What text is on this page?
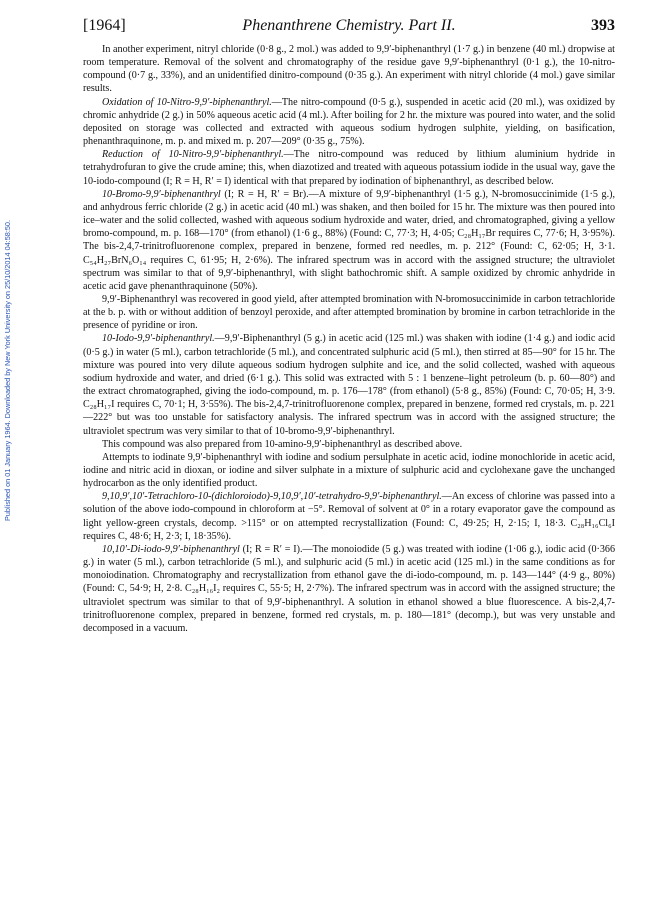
Published on 01 January 1964. Downloaded by New York University on 25/10/2014 04:58:50.
[1964]	Phenanthrene Chemistry. Part II.	393

In another experiment, nitryl chloride (0·8 g., 2 mol.) was added to 9,9′-biphenanthryl (1·7 g.) in benzene (40 ml.) dropwise at room temperature. Removal of the solvent and chromatography of the residue gave 9,9′-biphenanthryl (0·1 g.), the 10-nitro-compound (0·7 g., 33%), and an unidentified dinitro-compound (0·35 g.). An experiment with nitryl chloride (4 mol.) gave similar results.

Oxidation of 10-Nitro-9,9′-biphenanthryl.—The nitro-compound (0·5 g.), suspended in acetic acid (20 ml.), was oxidized by chromic anhydride (2 g.) in 50% aqueous acetic acid (4 ml.). After boiling for 2 hr. the mixture was poured into water, and the solid deposited on storage was collected and extracted with aqueous sodium hydrogen sulphite, yielding, on basification, phenanthraquinone, m. p. and mixed m. p. 207—209° (0·35 g., 75%).

Reduction of 10-Nitro-9,9′-biphenanthryl.—The nitro-compound was reduced by lithium aluminium hydride in tetrahydrofuran to give the crude amine; this, when diazotized and treated with aqueous potassium iodide in the usual way, gave the 10-iodo-compound (I; R = H, R′ = I) identical with that prepared by iodination of biphenanthryl, as described below.

10-Bromo-9,9′-biphenanthryl (I; R = H, R′ = Br).—A mixture of 9,9′-biphenanthryl (1·5 g.), N-bromosuccinimide (1·5 g.), and anhydrous ferric chloride (2 g.) in acetic acid (40 ml.) was shaken, and then boiled for 15 hr. The mixture was then poured into ice–water and the solid collected, washed with aqueous sodium hydroxide and water, dried, and chromatographed, giving a yellow bromo-compound, m. p. 168—170° (from ethanol) (1·6 g., 88%) (Found: C, 77·3; H, 4·05; C₂₈H₁₇Br requires C, 77·6; H, 3·95%). The bis-2,4,7-trinitrofluorenone complex, prepared in benzene, formed red needles, m. p. 212° (Found: C, 62·05; H, 3·1. C₅₄H₂₇BrN₆O₁₄ requires C, 61·95; H, 2·6%). The infrared spectrum was in accord with the assigned structure; the ultraviolet spectrum was similar to that of 9,9′-biphenanthryl, with slight bathochromic shift. A sample oxidized by chromic anhydride in acetic acid gave phenanthraquinone (50%).

9,9′-Biphenanthryl was recovered in good yield, after attempted bromination with N-bromosuccinimide in carbon tetrachloride at the b. p. with or without addition of benzoyl peroxide, and after attempted bromination by bromine in carbon tetrachloride in the presence of pyridine or iron.

10-Iodo-9,9′-biphenanthryl.—9,9′-Biphenanthryl (5 g.) in acetic acid (125 ml.) was shaken with iodine (1·4 g.) and iodic acid (0·5 g.) in water (5 ml.), carbon tetrachloride (5 ml.), and concentrated sulphuric acid (5 ml.), then stirred at 85—90° for 15 hr. The mixture was poured into very dilute aqueous sodium hydrogen sulphite and ice, and the solid collected, washed with aqueous sodium hydroxide and water, and dried (6·1 g.). This solid was extracted with 5 : 1 benzene–light petroleum (b. p. 60—80°) and the extract chromatographed, giving the iodo-compound, m. p. 176—178° (from ethanol) (5·8 g., 85%) (Found: C, 70·05; H, 3·9. C₂₈H₁₇I requires C, 70·1; H, 3·55%). The bis-2,4,7-trinitrofluorenone complex, prepared in benzene, formed red crystals, m. p. 221—222° but was too unstable for satisfactory analysis. The infrared spectrum was in accord with the assigned structure; the ultraviolet spectrum was very similar to that of 10-bromo-9,9′-biphenanthryl.

This compound was also prepared from 10-amino-9,9′-biphenanthryl as described above.

Attempts to iodinate 9,9′-biphenanthryl with iodine and sodium persulphate in acetic acid, iodine monochloride in acetic acid, iodine and nitric acid in dioxan, or iodine and silver sulphate in a mixture of sulphuric acid and cyclohexane gave the unchanged hydrocarbon as the only identified product.

9,10,9′,10′-Tetrachloro-10-(dichloroiodo)-9,10,9′,10′-tetrahydro-9,9′-biphenanthryl.—An excess of chlorine was passed into a solution of the above iodo-compound in chloroform at −5°. Removal of solvent at 0° in a rotary evaporator gave the compound as light yellow-green crystals, decomp. >115° or on attempted recrystallization (Found: C, 49·25; H, 2·15; I, 18·3. C₂₈H₁₆Cl₆I requires C, 48·6; H, 2·3; I, 18·35%).

10,10′-Di-iodo-9,9′-biphenanthryl (I; R = R′ = I).—The monoiodide (5 g.) was treated with iodine (1·06 g.), iodic acid (0·366 g.) in water (5 ml.), carbon tetrachloride (5 ml.), and sulphuric acid (5 ml.) in acetic acid (125 ml.) in the same conditions as for monoiodination. Chromatography and recrystallization from ethanol gave the di-iodo-compound, m. p. 143—144° (4·9 g., 80%) (Found: C, 54·9; H, 2·8. C₂₈H₁₆I₂ requires C, 55·5; H, 2·7%). The infrared spectrum was in accord with the assigned structure; the ultraviolet spectrum was similar to that of 9,9′-biphenanthryl. A solution in ethanol showed a blue fluorescence. A bis-2,4,7-trinitrofluorenone complex, prepared in benzene, formed red crystals, m. p. 180—181° (decomp.), but was very unstable and decomposed in a vacuum.
